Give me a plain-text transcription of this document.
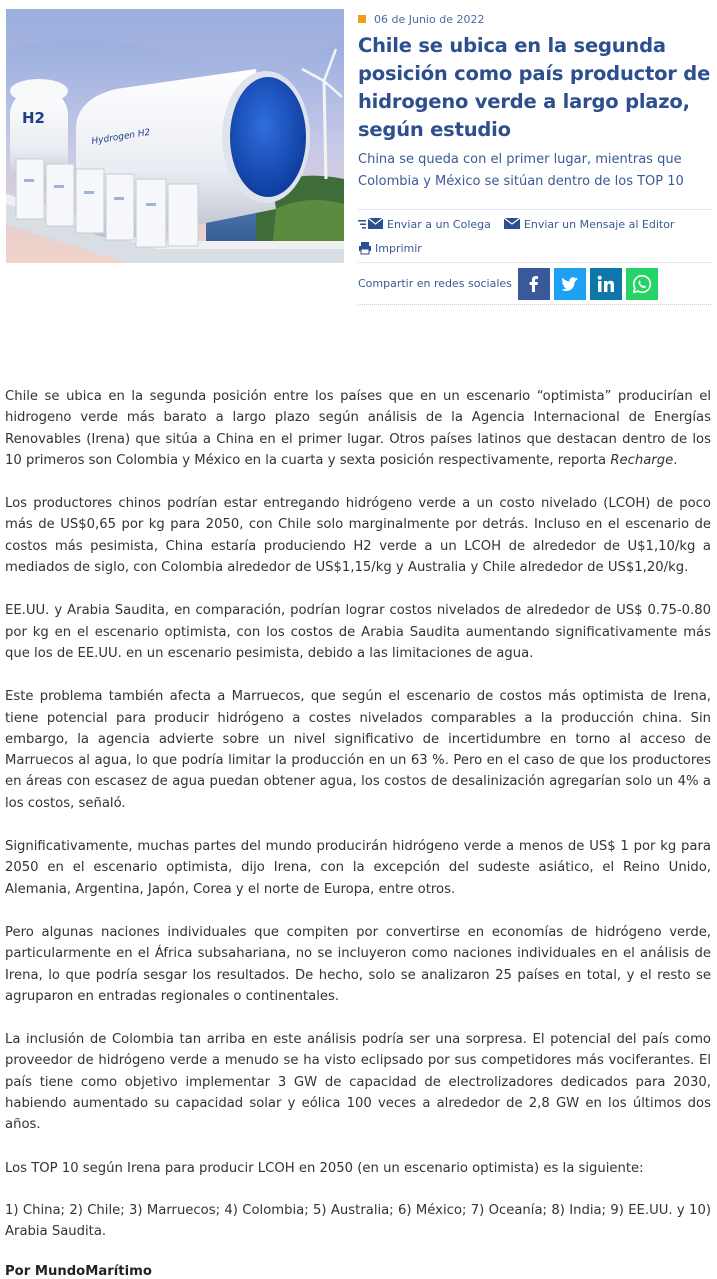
H2
Hydrogen H2
06 de Junio de 2022
Chile se ubica en la segunda posición como país productor de hidrogeno verde a largo plazo, según estudio

China se queda con el primer lugar, mientras que Colombia y México se sitúan dentro de los TOP 10

Enviar a un Colega	Enviar un Mensaje al Editor
Imprimir
Compartir en redes sociales

Chile se ubica en la segunda posición entre los países que en un escenario “optimista” producirían el hidrogeno verde más barato a largo plazo según análisis de la Agencia Internacional de Energías Renovables (Irena) que sitúa a China en el primer lugar. Otros países latinos que destacan dentro de los 10 primeros son Colombia y México en la cuarta y sexta posición respectivamente, reporta Recharge.

Los productores chinos podrían estar entregando hidrógeno verde a un costo nivelado (LCOH) de poco más de US$0,65 por kg para 2050, con Chile solo marginalmente por detrás. Incluso en el escenario de costos más pesimista, China estaría produciendo H2 verde a un LCOH de alrededor de U$1,10/kg a mediados de siglo, con Colombia alrededor de US$1,15/kg y Australia y Chile alrededor de US$1,20/kg.

EE.UU. y Arabia Saudita, en comparación, podrían lograr costos nivelados de alrededor de US$ 0.75-0.80 por kg en el escenario optimista, con los costos de Arabia Saudita aumentando significativamente más que los de EE.UU. en un escenario pesimista, debido a las limitaciones de agua.

Este problema también afecta a Marruecos, que según el escenario de costos más optimista de Irena, tiene potencial para producir hidrógeno a costes nivelados comparables a la producción china. Sin embargo, la agencia advierte sobre un nivel significativo de incertidumbre en torno al acceso de Marruecos al agua, lo que podría limitar la producción en un 63 %. Pero en el caso de que los productores en áreas con escasez de agua puedan obtener agua, los costos de desalinización agregarían solo un 4% a los costos, señaló.

Significativamente, muchas partes del mundo producirán hidrógeno verde a menos de US$ 1 por kg para 2050 en el escenario optimista, dijo Irena, con la excepción del sudeste asiático, el Reino Unido, Alemania, Argentina, Japón, Corea y el norte de Europa, entre otros.

Pero algunas naciones individuales que compiten por convertirse en economías de hidrógeno verde, particularmente en el África subsahariana, no se incluyeron como naciones individuales en el análisis de Irena, lo que podría sesgar los resultados. De hecho, solo se analizaron 25 países en total, y el resto se agruparon en entradas regionales o continentales.

La inclusión de Colombia tan arriba en este análisis podría ser una sorpresa. El potencial del país como proveedor de hidrógeno verde a menudo se ha visto eclipsado por sus competidores más vociferantes. El país tiene como objetivo implementar 3 GW de capacidad de electrolizadores dedicados para 2030, habiendo aumentado su capacidad solar y eólica 100 veces a alrededor de 2,8 GW en los últimos dos años.

Los TOP 10 según Irena para producir LCOH en 2050 (en un escenario optimista) es la siguiente:

1) China; 2) Chile; 3) Marruecos; 4) Colombia; 5) Australia; 6) México; 7) Oceanía; 8) India; 9) EE.UU. y 10) Arabia Saudita.

Por MundoMarítimo
